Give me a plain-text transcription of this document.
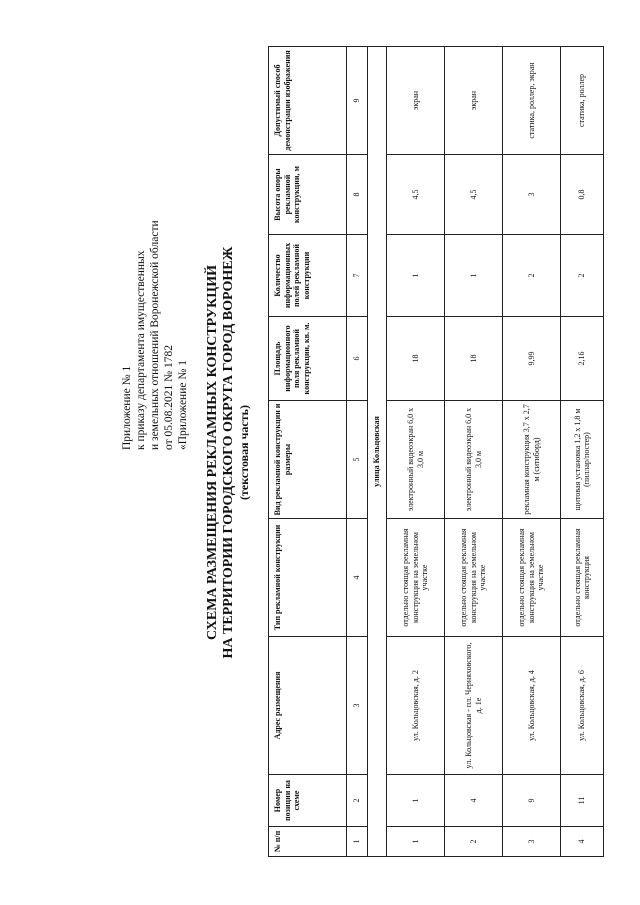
Приложение № 1 к приказу департамента имущественных и земельных отношений Воронежской области от 05.08.2021 № 1782 «Приложение № 1 СХЕМА РАЗМЕЩЕНИЯ РЕКЛАМНЫХ КОНСТРУКЦИЙ НА ТЕРРИТОРИИ ГОРОДСКОГО ОКРУГА ГОРОД ВОРОНЕЖ (текстовая часть)
№ п/п	Номер позиции на схеме	Адрес размещения	Тип рекламной конструкции	Вид рекламной конструкции и размеры	Площадь информационного поля рекламной конструкции, кв. м.	Количество информационных полей рекламной конструкции	Высота опоры рекламной конструкции, м	Допустимый способ демонстрации изображения
1	2	3	4	5	6	7	8	9
улица Кольцовская								
1	1	ул. Кольцовская, д. 2	отдельно стоящая рекламная конструкция на земельном участке	электронный видеоэкран 6,0 х 3,0 м	18	1	4,5	экран
2	4	ул. Кольцовская - пл. Черняховского, д. 1е	отдельно стоящая рекламная конструкция на земельном участке	электронный видеоэкран 6,0 х 3,0 м	18	1	4,5	экран
3	9	ул. Кольцовская, д. 4	отдельно стоящая рекламная конструкция на земельном участке	рекламная конструкция 3,7 х 2,7 м (ситиборд)	9,99	2	3	статика, роллер, экран
4	11	ул. Кольцовская, д. 6	отдельно стоящая рекламная конструкция	щитовая установка 1,2 х 1,8 м (пиллар/постер)	2,16	2	0,8	статика, роллер
